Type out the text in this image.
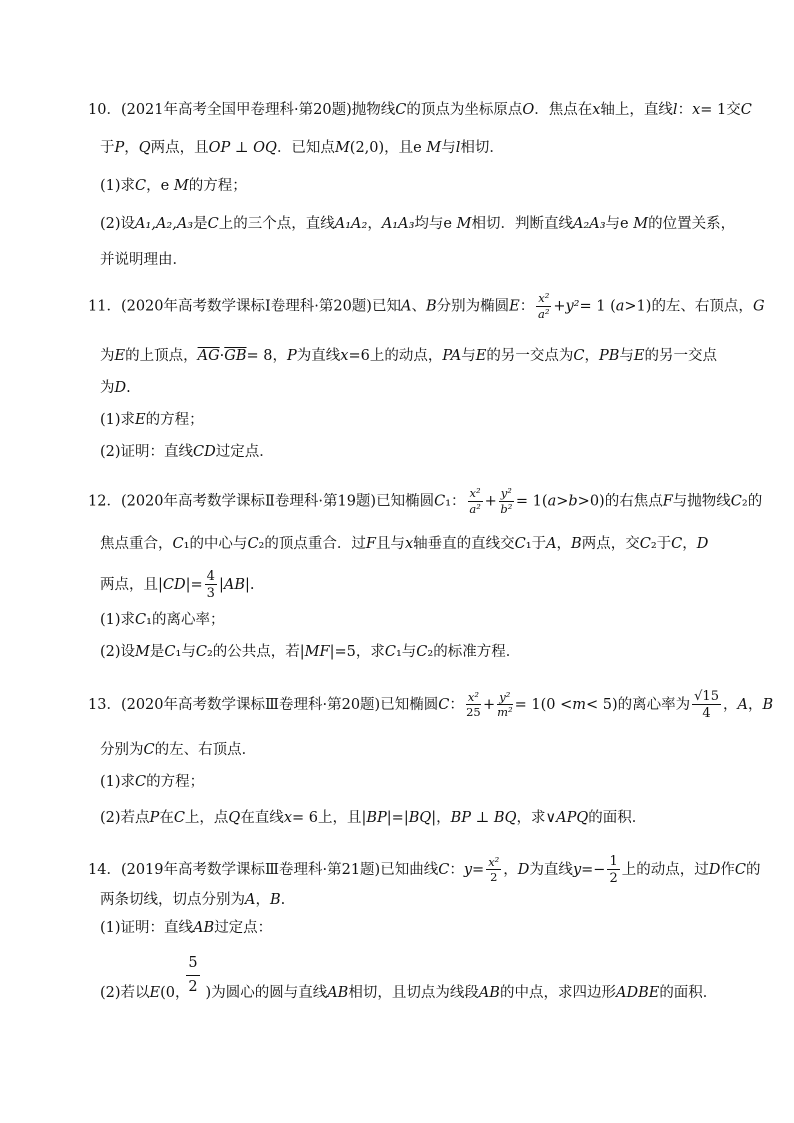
10．(2021年高考全国甲卷理科·第20题)抛物线C的顶点为坐标原点O．焦点在x轴上，直线l：x= 1交C
于P，Q两点，且OP ⊥ OQ．已知点M(2,0)，且e M与l相切．
(1)求C，e M的方程；
(2)设A₁,A₂,A₃是C上的三个点，直线A₁A₂，A₁A₃均与e M相切．判断直线A₂A₃与e M的位置关系，
并说明理由．
11．(2020年高考数学课标Ⅰ卷理科·第20题)已知A、B分别为椭圆E： $\frac{\text{x²}}{\text{a²}} +y^2= 1$ (a>1)的左、右顶点，G
为E的上顶点，$\overline{AG}\cdot\overline{GB}= 8$，P为直线x=6上的动点，PA与E的另一交点为C，PB与E的另一交点
为D.
(1)求E的方程；
(2)证明：直线CD过定点．
12．(2020年高考数学课标Ⅱ卷理科·第19题)已知椭圆C₁： $\frac{\text{x²}}{\text{a²}} + \frac{\text{y²}}{\text{b²}} = 1(a>b>0)$的右焦点F与抛物线C₂的
焦点重合，C₁的中心与C₂的顶点重合．过F且与x轴垂直的直线交C₁于A，B两点，交C₂于C，D
两点，且$|CD|= \frac{4}{3} |AB|$.
(1)求C₁的离心率；
(2)设M是C₁与C₂的公共点，若|MF|=5，求C₁与C₂的标准方程．
13．(2020年高考数学课标Ⅲ卷理科·第20题)已知椭圆C： $\frac{\text{x²}}{25} + \frac{\text{y²}}{\text{m²}} = 1(0 <m< 5)$的离心率为 $\frac{√15}{4}$ ，A，B
分别为C的左、右顶点．
(1)求C的方程；
(2)若点P在C上，点Q在直线x= 6上，且|BP|=|BQ|，BP ⊥ BQ，求∨APQ的面积．
14．(2019年高考数学课标Ⅲ卷理科·第21题)已知曲线C：$y= \frac{\text{x²}}{2}$ ，D为直线$y=- \frac{1}{2}$ 上的动点，过D作C的
两条切线，切点分别为A，B.
(1)证明：直线AB过定点：
5
2
(2)若以E(0， )为圆心的圆与直线AB相切，且切点为线段AB的中点，求四边形ADBE的面积．
